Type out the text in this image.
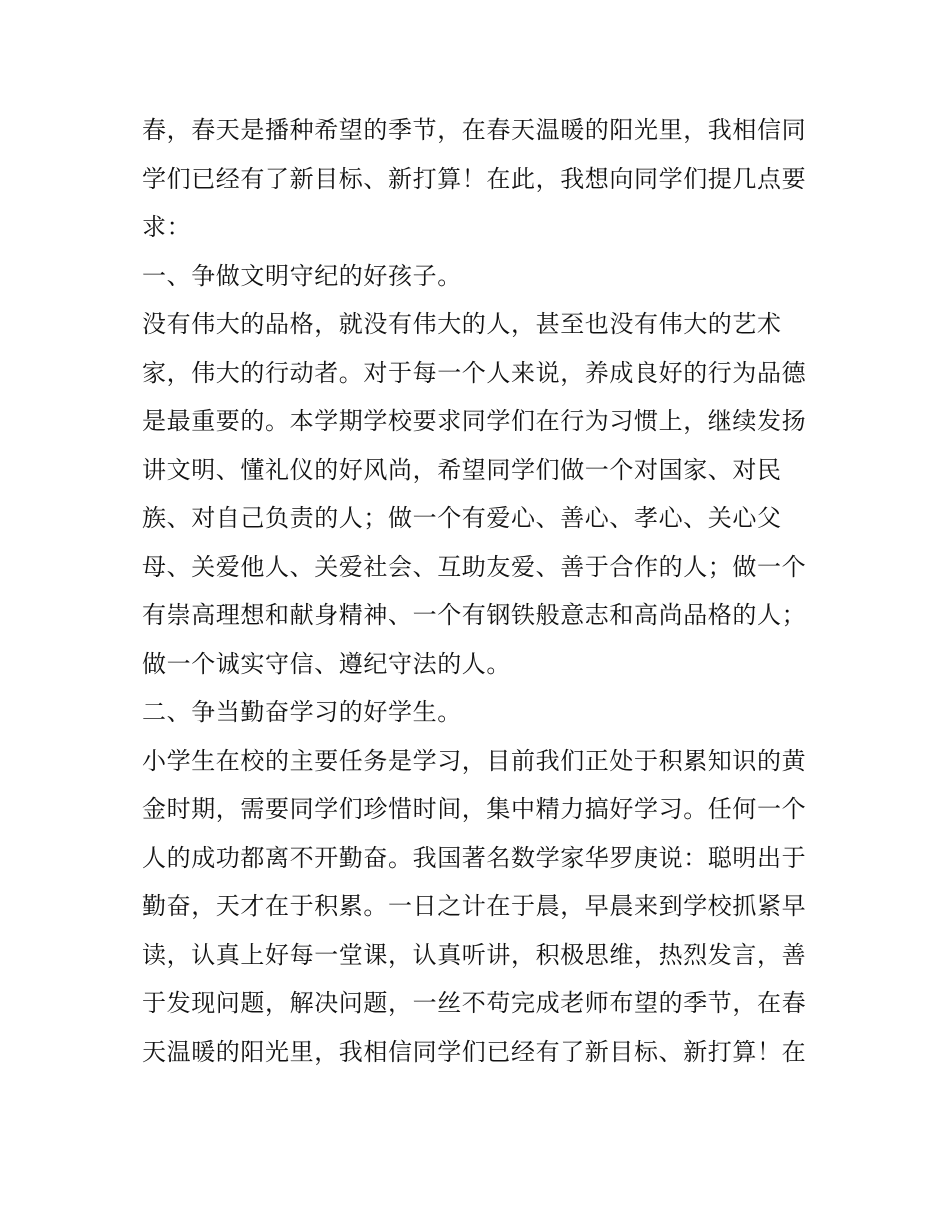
春，春天是播种希望的季节，在春天温暖的阳光里，我相信同
学们已经有了新目标、新打算！在此，我想向同学们提几点要
求：
一、争做文明守纪的好孩子。
没有伟大的品格，就没有伟大的人，甚至也没有伟大的艺术
家，伟大的行动者。对于每一个人来说，养成良好的行为品德
是最重要的。本学期学校要求同学们在行为习惯上，继续发扬
讲文明、懂礼仪的好风尚，希望同学们做一个对国家、对民
族、对自己负责的人；做一个有爱心、善心、孝心、关心父
母、关爱他人、关爱社会、互助友爱、善于合作的人；做一个
有崇高理想和献身精神、一个有钢铁般意志和高尚品格的人；
做一个诚实守信、遵纪守法的人。
二、争当勤奋学习的好学生。
小学生在校的主要任务是学习，目前我们正处于积累知识的黄
金时期，需要同学们珍惜时间，集中精力搞好学习。任何一个
人的成功都离不开勤奋。我国著名数学家华罗庚说：聪明出于
勤奋，天才在于积累。一日之计在于晨，早晨来到学校抓紧早
读，认真上好每一堂课，认真听讲，积极思维，热烈发言，善
于发现问题，解决问题，一丝不苟完成老师布望的季节，在春
天温暖的阳光里，我相信同学们已经有了新目标、新打算！在
